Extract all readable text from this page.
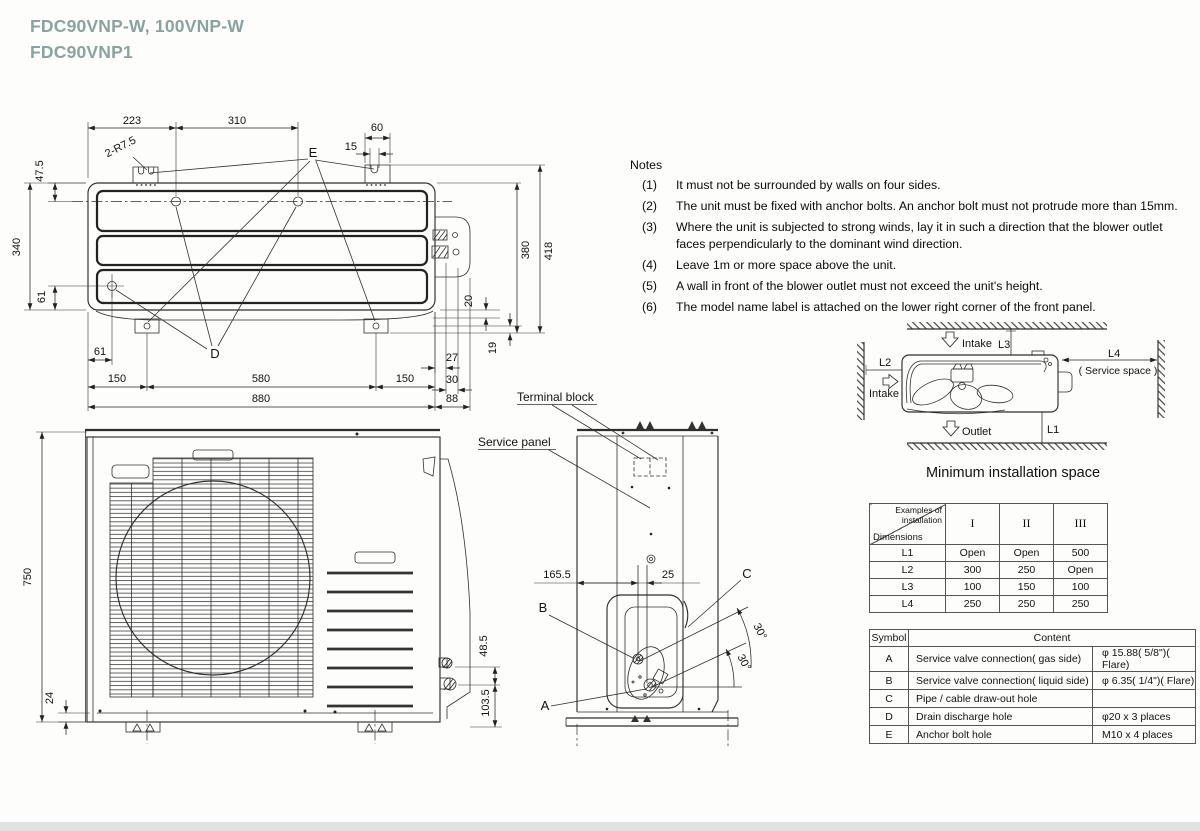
FDC90VNP-W, 100VNP-W
FDC90VNP1
Notes
(1)	It must not be surrounded by walls on four sides.
(2)	The unit must be fixed with anchor bolts. An anchor bolt must not protrude more than 15mm.
(3)	Where the unit is subjected to strong winds, lay it in such a direction that the blower outlet faces perpendicularly to the dominant wind direction.
(4)	Leave 1m or more space above the unit.
(5)	A wall in front of the blower outlet must not exceed the unit's height.
(6)	The model name label is attached on the lower right corner of the front panel.
223	310
60
15
2-R7.5	E
D
47.5
340
61
380 418
20
19
27
30
61
150	580	150
880	88	Terminal block
Service panel
750
24
48.5
103.5
165.5	25
B
A
C
30°
30°
L2
Intake
Intake L3
L4
( Service space )
Outlet	L1
Minimum installation space
Examples of installation
Dimensions	I	II	III
L1	Open	Open	500
L2	300	250	Open
L3	100	150	100
L4	250	250	250
Symbol	Content	
A	Service valve connection( gas side)	φ 15.88( 5/8")( Flare)
B	Service valve connection( liquid side)	φ 6.35( 1/4")( Flare)
C	Pipe / cable draw-out hole	
D	Drain discharge hole	φ20 x 3 places
E	Anchor bolt hole	M10 x 4 places
